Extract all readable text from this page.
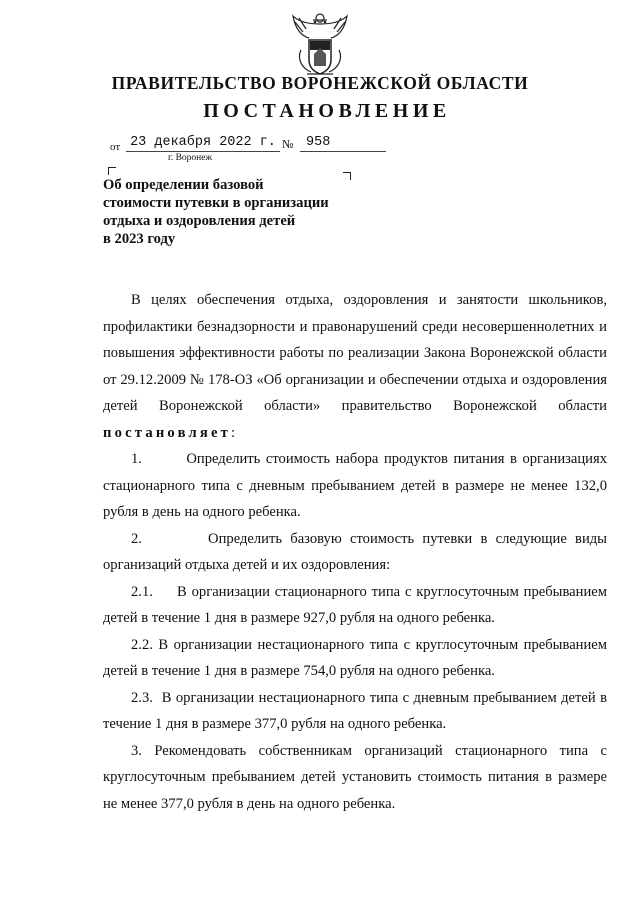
ПРАВИТЕЛЬСТВО ВОРОНЕЖСКОЙ ОБЛАСТИ
ПОСТАНОВЛЕНИЕ
от 23 декабря 2022 г. № 958
г. Воронеж
Об определении базовой
стоимости путевки в организации
отдыха и оздоровления детей
в 2023 году

В целях обеспечения отдыха, оздоровления и занятости школьников, профилактики безнадзорности и правонарушений среди несовершеннолетних и повышения эффективности работы по реализации Закона Воронежской области от 29.12.2009 № 178-ОЗ «Об организации и обеспечении отдыха и оздоровления детей Воронежской области» правительство Воронежской области постановляет:

1.        Определить стоимость набора продуктов питания в организациях стационарного типа с дневным пребыванием детей в размере не менее 132,0 рубля в день на одного ребенка.

2.        Определить базовую стоимость путевки в следующие виды организаций отдыха детей и их оздоровления:

2.1.     В организации стационарного типа с круглосуточным пребыванием детей в течение 1 дня в размере 927,0 рубля на одного ребенка.

2.2. В организации нестационарного типа с круглосуточным пребыванием детей в течение 1 дня в размере 754,0 рубля на одного ребенка.

2.3.  В организации нестационарного типа с дневным пребыванием детей в течение 1 дня в размере 377,0 рубля на одного ребенка.

3. Рекомендовать собственникам организаций стационарного типа с круглосуточным пребыванием детей установить стоимость питания в размере не менее 377,0 рубля в день на одного ребенка.
